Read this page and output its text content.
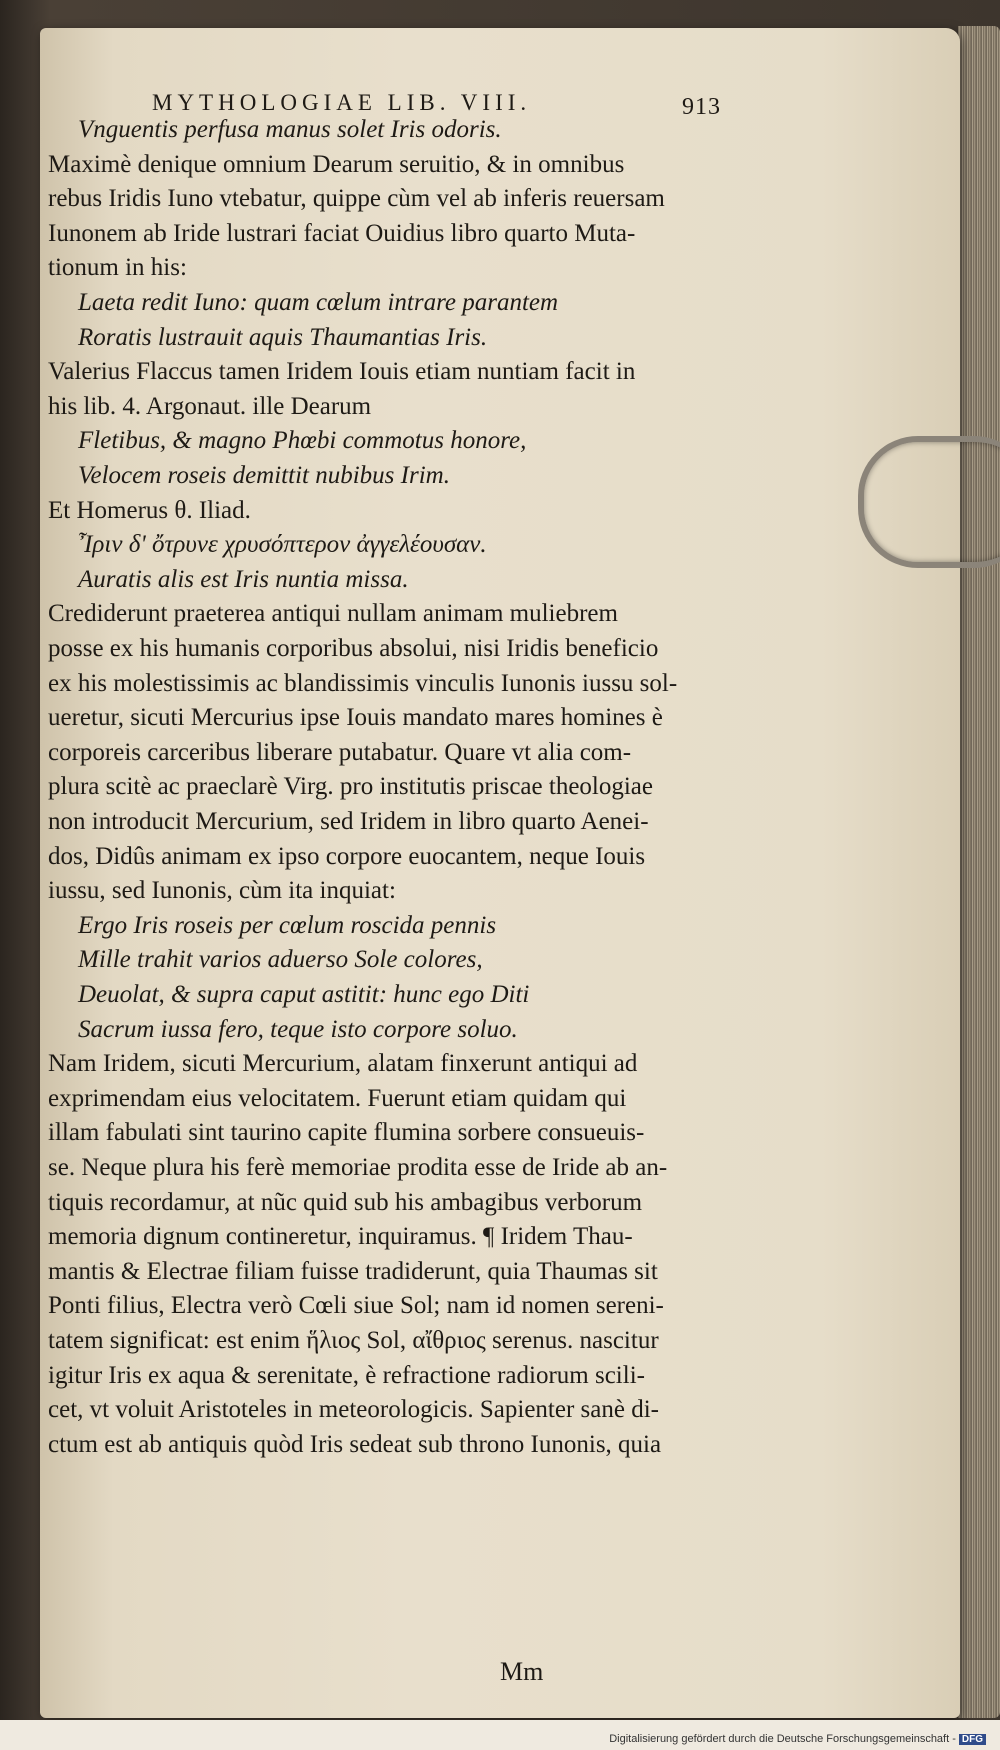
MYTHOLOGIAE LIB. VIII.	913
Vnguentis perfusa manus solet Iris odoris.
Maximè denique omnium Dearum seruitio, & in omnibus
rebus Iridis Iuno vtebatur, quippe cùm vel ab inferis reuersam
Iunonem ab Iride lustrari faciat Ouidius libro quarto Muta-
tionum in his:
Laeta redit Iuno: quam cœlum intrare parantem
Roratis lustrauit aquis Thaumantias Iris.
Valerius Flaccus tamen Iridem Iouis etiam nuntiam facit in
his lib. 4. Argonaut. ille Dearum
Fletibus, & magno Phœbi commotus honore,
Velocem roseis demittit nubibus Irim.
Et Homerus θ. Iliad.
Ἶριν δ' ὄτρυνε χρυσόπτερον ἀγγελέουσαν.
Auratis alis est Iris nuntia missa.
Crediderunt praeterea antiqui nullam animam muliebrem
posse ex his humanis corporibus absolui, nisi Iridis beneficio
ex his molestissimis ac blandissimis vinculis Iunonis iussu sol-
ueretur, sicuti Mercurius ipse Iouis mandato mares homines è
corporeis carceribus liberare putabatur. Quare vt alia com-
plura scitè ac praeclarè Virg. pro institutis priscae theologiae
non introducit Mercurium, sed Iridem in libro quarto Aenei-
dos, Didûs animam ex ipso corpore euocantem, neque Iouis
iussu, sed Iunonis, cùm ita inquiat:
Ergo Iris roseis per cœlum roscida pennis
Mille trahit varios aduerso Sole colores,
Deuolat, & supra caput astitit: hunc ego Diti
Sacrum iussa fero, teque isto corpore soluo.
Nam Iridem, sicuti Mercurium, alatam finxerunt antiqui ad
exprimendam eius velocitatem. Fuerunt etiam quidam qui
illam fabulati sint taurino capite flumina sorbere consueuis-
se. Neque plura his ferè memoriae prodita esse de Iride ab an-
tiquis recordamur, at nũc quid sub his ambagibus verborum
memoria dignum contineretur, inquiramus. ¶ Iridem Thau-
mantis & Electrae filiam fuisse tradiderunt, quia Thaumas sit
Ponti filius, Electra verò Cœli siue Sol; nam id nomen sereni-
tatem significat: est enim ἥλιος Sol, αἴθριος serenus. nascitur
igitur Iris ex aqua & serenitate, è refractione radiorum scili-
cet, vt voluit Aristoteles in meteorologicis. Sapienter sanè di-
ctum est ab antiquis quòd Iris sedeat sub throno Iunonis, quia
Mm
Digitalisierung gefördert durch die Deutsche Forschungsgemeinschaft - DFG
